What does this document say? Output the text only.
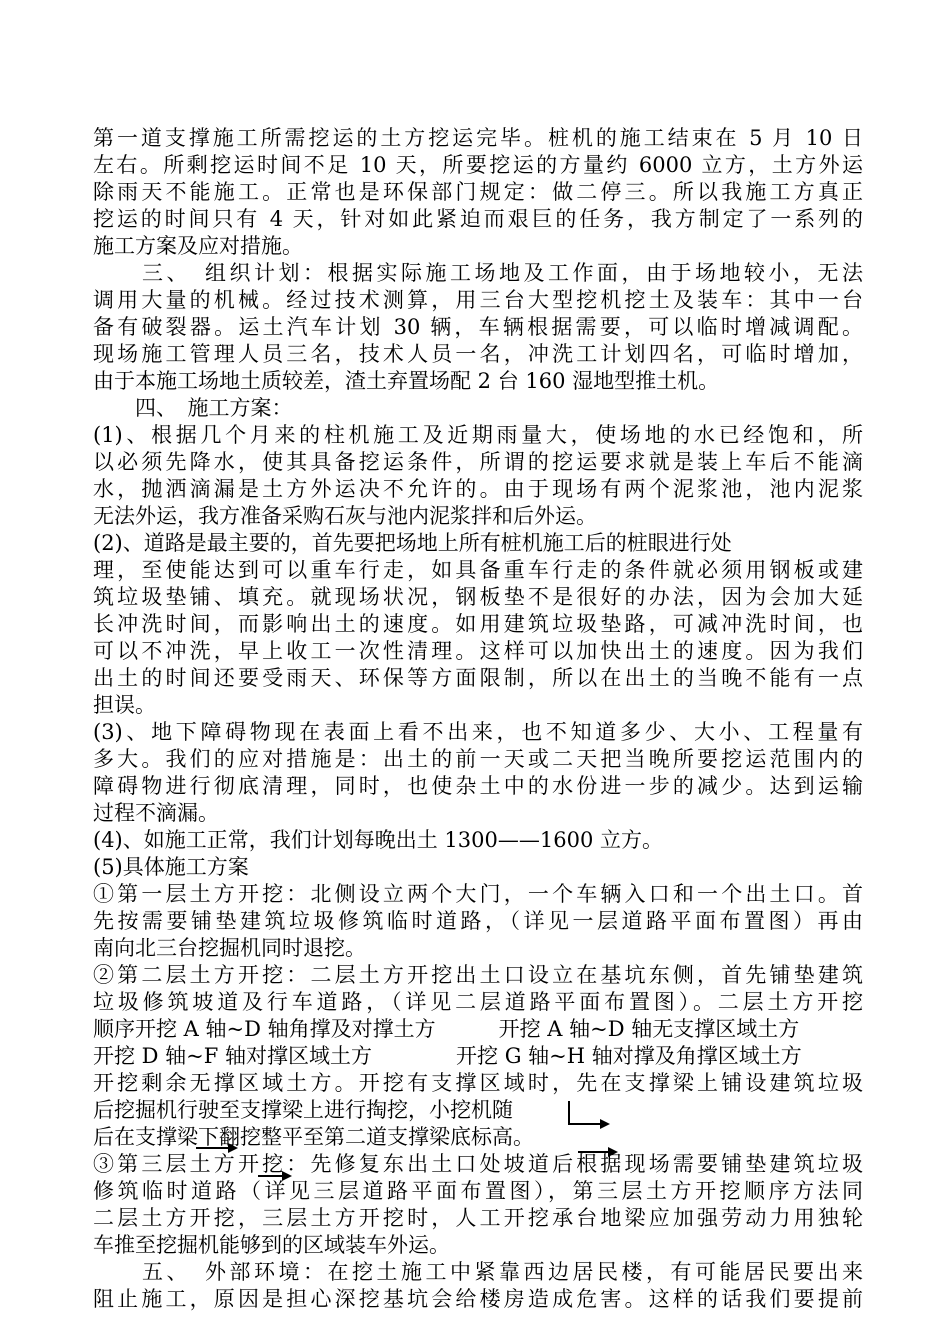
第一道支撑施工所需挖运的土方挖运完毕。桩机的施工结束在 5 月 10 日
左右。所剩挖运时间不足 10 天，所要挖运的方量约 6000 立方，土方外运
除雨天不能施工。正常也是环保部门规定：做二停三。所以我施工方真正
挖运的时间只有 4 天，针对如此紧迫而艰巨的任务，我方制定了一系列的
施工方案及应对措施。
　　三、　组织计划：根据实际施工场地及工作面，由于场地较小，无法
调用大量的机械。经过技术测算，用三台大型挖机挖土及装车：其中一台
备有破裂器。运土汽车计划 30 辆，车辆根据需要，可以临时增减调配。
现场施工管理人员三名，技术人员一名，冲洗工计划四名，可临时增加，
由于本施工场地土质较差，渣土弃置场配 2 台 160 湿地型推土机。
　　四、　施工方案：
(1)、根据几个月来的柱机施工及近期雨量大，使场地的水已经饱和，所
以必须先降水，使其具备挖运条件，所谓的挖运要求就是装上车后不能滴
水，抛洒滴漏是土方外运决不允许的。由于现场有两个泥浆池，池内泥浆
无法外运，我方准备采购石灰与池内泥浆拌和后外运。
(2)、道路是最主要的，首先要把场地上所有桩机施工后的桩眼进行处
理，至使能达到可以重车行走，如具备重车行走的条件就必须用钢板或建
筑垃圾垫铺、填充。就现场状况，钢板垫不是很好的办法，因为会加大延
长冲洗时间，而影响出土的速度。如用建筑垃圾垫路，可减冲洗时间，也
可以不冲洗，早上收工一次性清理。这样可以加快出土的速度。因为我们
出土的时间还要受雨天、环保等方面限制，所以在出土的当晚不能有一点
担误。
(3)、地下障碍物现在表面上看不出来，也不知道多少、大小、工程量有
多大。我们的应对措施是：出土的前一天或二天把当晚所要挖运范围内的
障碍物进行彻底清理，同时，也使杂土中的水份进一步的减少。达到运输
过程不滴漏。
(4)、如施工正常，我们计划每晚出土 1300——1600 立方。
(5)具体施工方案
①第一层土方开挖：北侧设立两个大门，一个车辆入口和一个出土口。首
先按需要铺垫建筑垃圾修筑临时道路，（详见一层道路平面布置图）再由
南向北三台挖掘机同时退挖。
②第二层土方开挖：二层土方开挖出土口设立在基坑东侧，首先铺垫建筑
垃圾修筑坡道及行车道路，（详见二层道路平面布置图）。二层土方开挖
顺序开挖 A 轴~D 轴角撑及对撑土方　　　开挖 A 轴~D 轴无支撑区域土方
开挖 D 轴~F 轴对撑区域土方　　　　开挖 G 轴~H 轴对撑及角撑区域土方
开挖剩余无撑区域土方。开挖有支撑区域时，先在支撑梁上铺设建筑垃圾
后挖掘机行驶至支撑梁上进行掏挖，小挖机随
后在支撑梁下翻挖整平至第二道支撑梁底标高。
③第三层土方开挖：先修复东出土口处坡道后根据现场需要铺垫建筑垃圾
修筑临时道路（详见三层道路平面布置图），第三层土方开挖顺序方法同
二层土方开挖，三层土方开挖时，人工开挖承台地梁应加强劳动力用独轮
车推至挖掘机能够到的区域装车外运。
　　五、　外部环境：在挖土施工中紧靠西边居民楼，有可能居民要出来
阻止施工，原因是担心深挖基坑会给楼房造成危害。这样的话我们要提前
